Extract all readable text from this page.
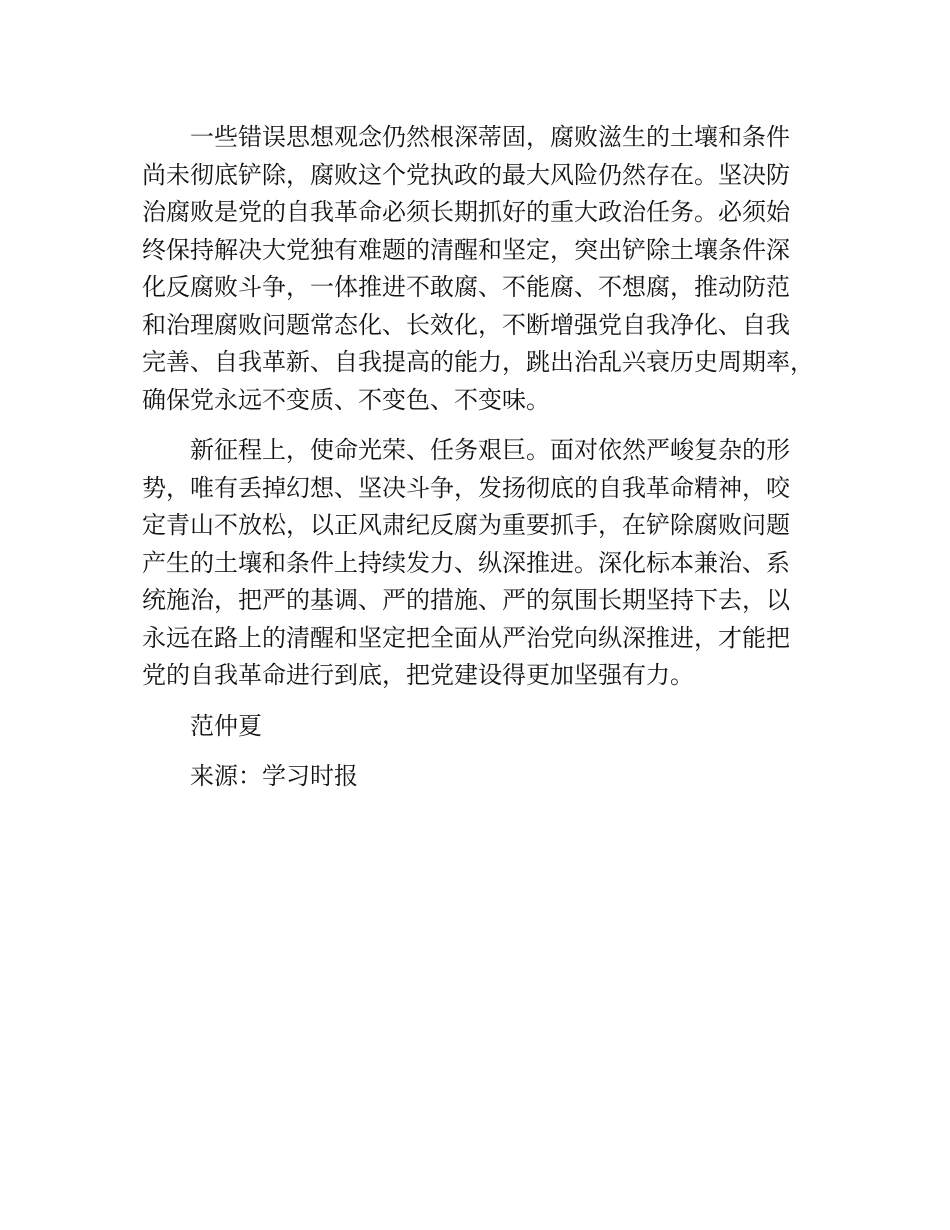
一些错误思想观念仍然根深蒂固，腐败滋生的土壤和条件
尚未彻底铲除，腐败这个党执政的最大风险仍然存在。坚决防
治腐败是党的自我革命必须长期抓好的重大政治任务。必须始
终保持解决大党独有难题的清醒和坚定，突出铲除土壤条件深
化反腐败斗争，一体推进不敢腐、不能腐、不想腐，推动防范
和治理腐败问题常态化、长效化，不断增强党自我净化、自我
完善、自我革新、自我提高的能力，跳出治乱兴衰历史周期率，
确保党永远不变质、不变色、不变味。
新征程上，使命光荣、任务艰巨。面对依然严峻复杂的形
势，唯有丢掉幻想、坚决斗争，发扬彻底的自我革命精神，咬
定青山不放松，以正风肃纪反腐为重要抓手，在铲除腐败问题
产生的土壤和条件上持续发力、纵深推进。深化标本兼治、系
统施治，把严的基调、严的措施、严的氛围长期坚持下去，以
永远在路上的清醒和坚定把全面从严治党向纵深推进，才能把
党的自我革命进行到底，把党建设得更加坚强有力。
范仲夏
来源：学习时报
